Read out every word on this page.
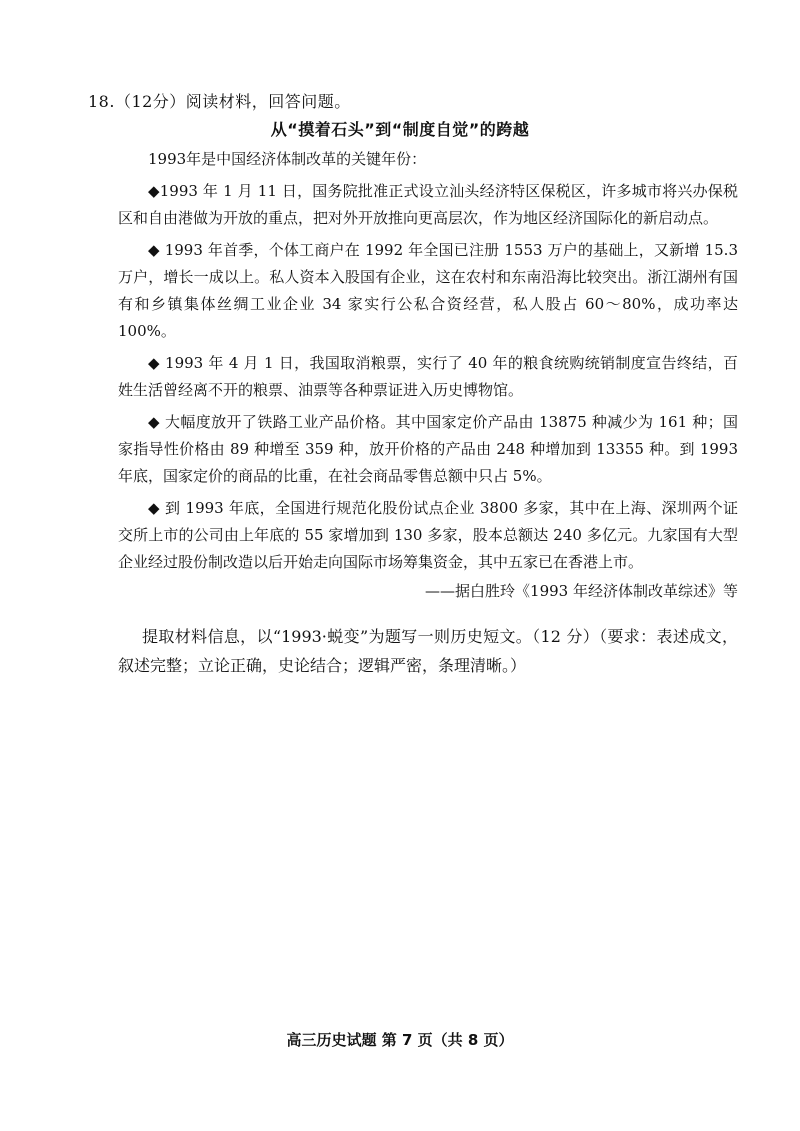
18.（12分）阅读材料，回答问题。
从“摸着石头”到“制度自觉”的跨越

1993年是中国经济体制改革的关键年份：

◆1993 年 1 月 11 日，国务院批准正式设立汕头经济特区保税区，许多城市将兴办保税区和自由港做为开放的重点，把对外开放推向更高层次，作为地区经济国际化的新启动点。

◆ 1993 年首季，个体工商户在 1992 年全国已注册 1553 万户的基础上，又新增 15.3 万户，增长一成以上。私人资本入股国有企业，这在农村和东南沿海比较突出。浙江湖州有国有和乡镇集体丝绸工业企业 34 家实行公私合资经营，私人股占 60～80%，成功率达 100%。

◆ 1993 年 4 月 1 日，我国取消粮票，实行了 40 年的粮食统购统销制度宣告终结，百姓生活曾经离不开的粮票、油票等各种票证进入历史博物馆。

◆ 大幅度放开了铁路工业产品价格。其中国家定价产品由 13875 种减少为 161 种；国家指导性价格由 89 种增至 359 种，放开价格的产品由 248 种增加到 13355 种。到 1993 年底，国家定价的商品的比重，在社会商品零售总额中只占 5%。

◆ 到 1993 年底，全国进行规范化股份试点企业 3800 多家，其中在上海、深圳两个证交所上市的公司由上年底的 55 家增加到 130 多家，股本总额达 240 多亿元。九家国有大型企业经过股份制改造以后开始走向国际市场筹集资金，其中五家已在香港上市。

——据白胜玲《1993 年经济体制改革综述》等

提取材料信息，以“1993·蜕变”为题写一则历史短文。（12 分）（要求：表述成文，叙述完整；立论正确，史论结合；逻辑严密，条理清晰。）
高三历史试题 第 7 页（共 8 页）
